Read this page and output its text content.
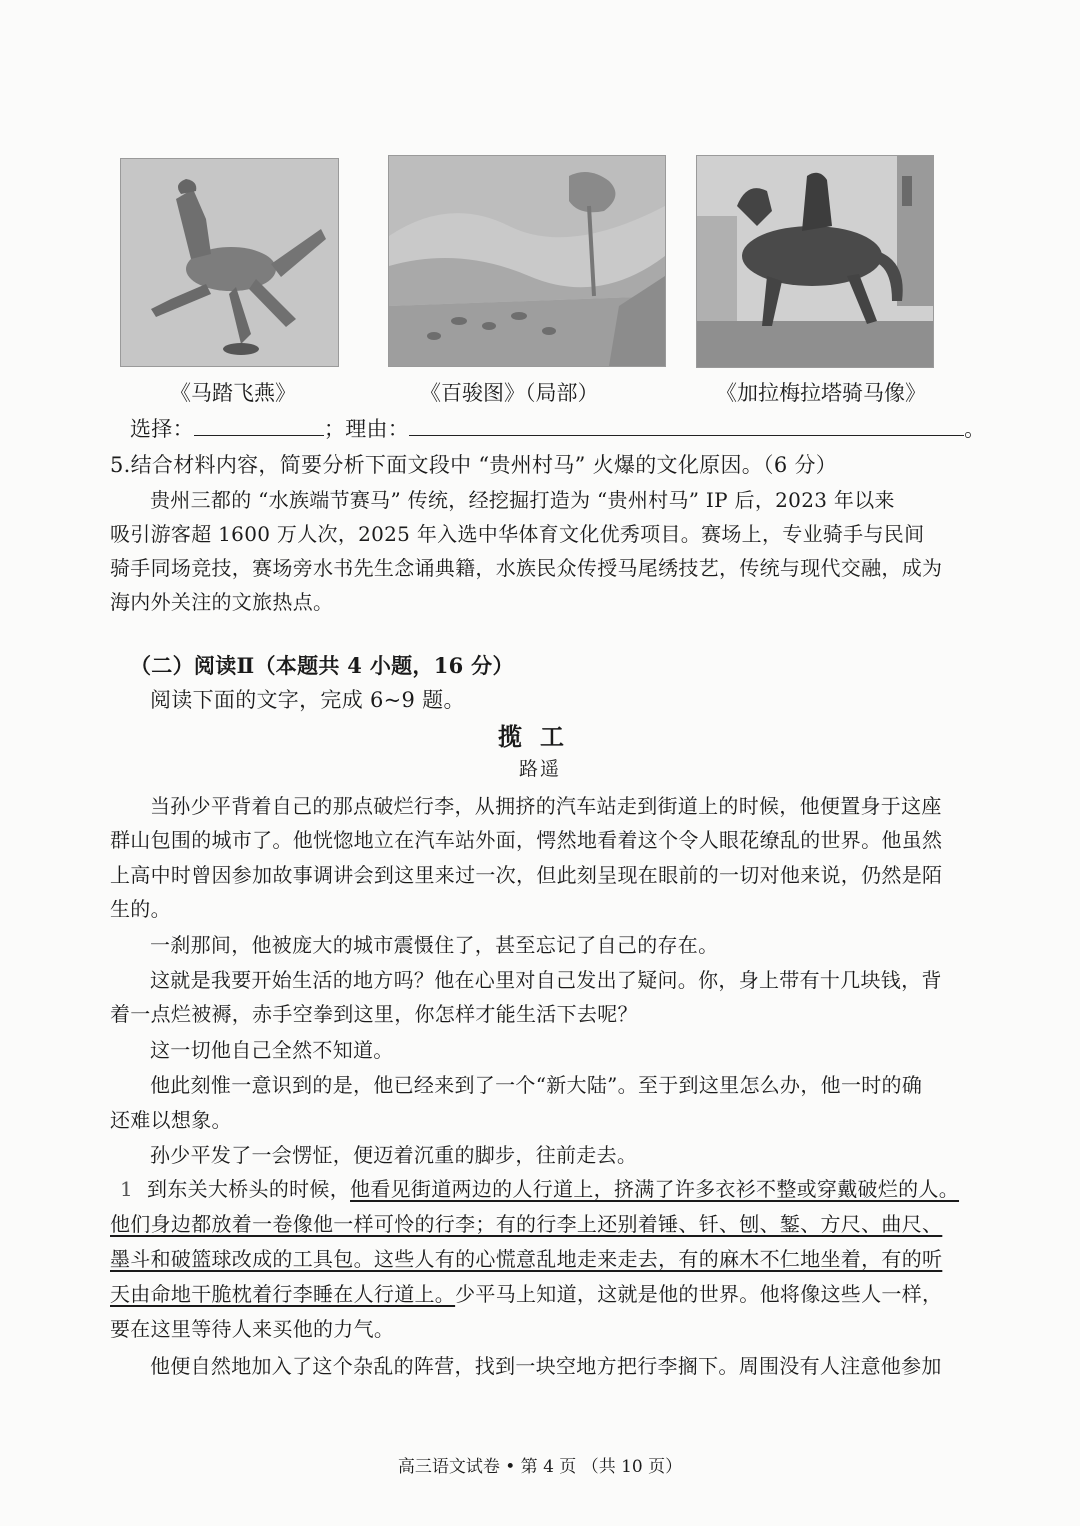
《马踏飞燕》	《百骏图》（局部）	《加拉梅拉塔骑马像》
选择：	；理由：	。
5.结合材料内容，简要分析下面文段中 “贵州村马” 火爆的文化原因。（6 分）
贵州三都的 “水族端节赛马” 传统，经挖掘打造为 “贵州村马” IP 后，2023 年以来
吸引游客超 1600 万人次，2025 年入选中华体育文化优秀项目。赛场上，专业骑手与民间
骑手同场竞技，赛场旁水书先生念诵典籍，水族民众传授马尾绣技艺，传统与现代交融，成为
海内外关注的文旅热点。
（二）阅读Ⅱ（本题共 4 小题，16 分）
阅读下面的文字，完成 6~9 题。
揽工
路遥
当孙少平背着自己的那点破烂行李，从拥挤的汽车站走到街道上的时候，他便置身于这座
群山包围的城市了。他恍惚地立在汽车站外面，愕然地看着这个令人眼花缭乱的世界。他虽然
上高中时曾因参加故事调讲会到这里来过一次，但此刻呈现在眼前的一切对他来说，仍然是陌
生的。
一刹那间，他被庞大的城市震慑住了，甚至忘记了自己的存在。
这就是我要开始生活的地方吗？他在心里对自己发出了疑问。你，身上带有十几块钱，背
着一点烂被褥，赤手空拳到这里，你怎样才能生活下去呢？
这一切他自己全然不知道。
他此刻惟一意识到的是，他已经来到了一个“新大陆”。至于到这里怎么办，他一时的确
还难以想象。
孙少平发了一会愣怔，便迈着沉重的脚步，往前走去。
1 到东关大桥头的时候，他看见街道两边的人行道上，挤满了许多衣衫不整或穿戴破烂的人。
他们身边都放着一卷像他一样可怜的行李；有的行李上还别着锤、钎、刨、錾、方尺、曲尺、
墨斗和破篮球改成的工具包。这些人有的心慌意乱地走来走去，有的麻木不仁地坐着，有的听
天由命地干脆枕着行李睡在人行道上。少平马上知道，这就是他的世界。他将像这些人一样，
要在这里等待人来买他的力气。
他便自然地加入了这个杂乱的阵营，找到一块空地方把行李搁下。周围没有人注意他参加
高三语文试卷 • 第 4 页 （共 10 页）
